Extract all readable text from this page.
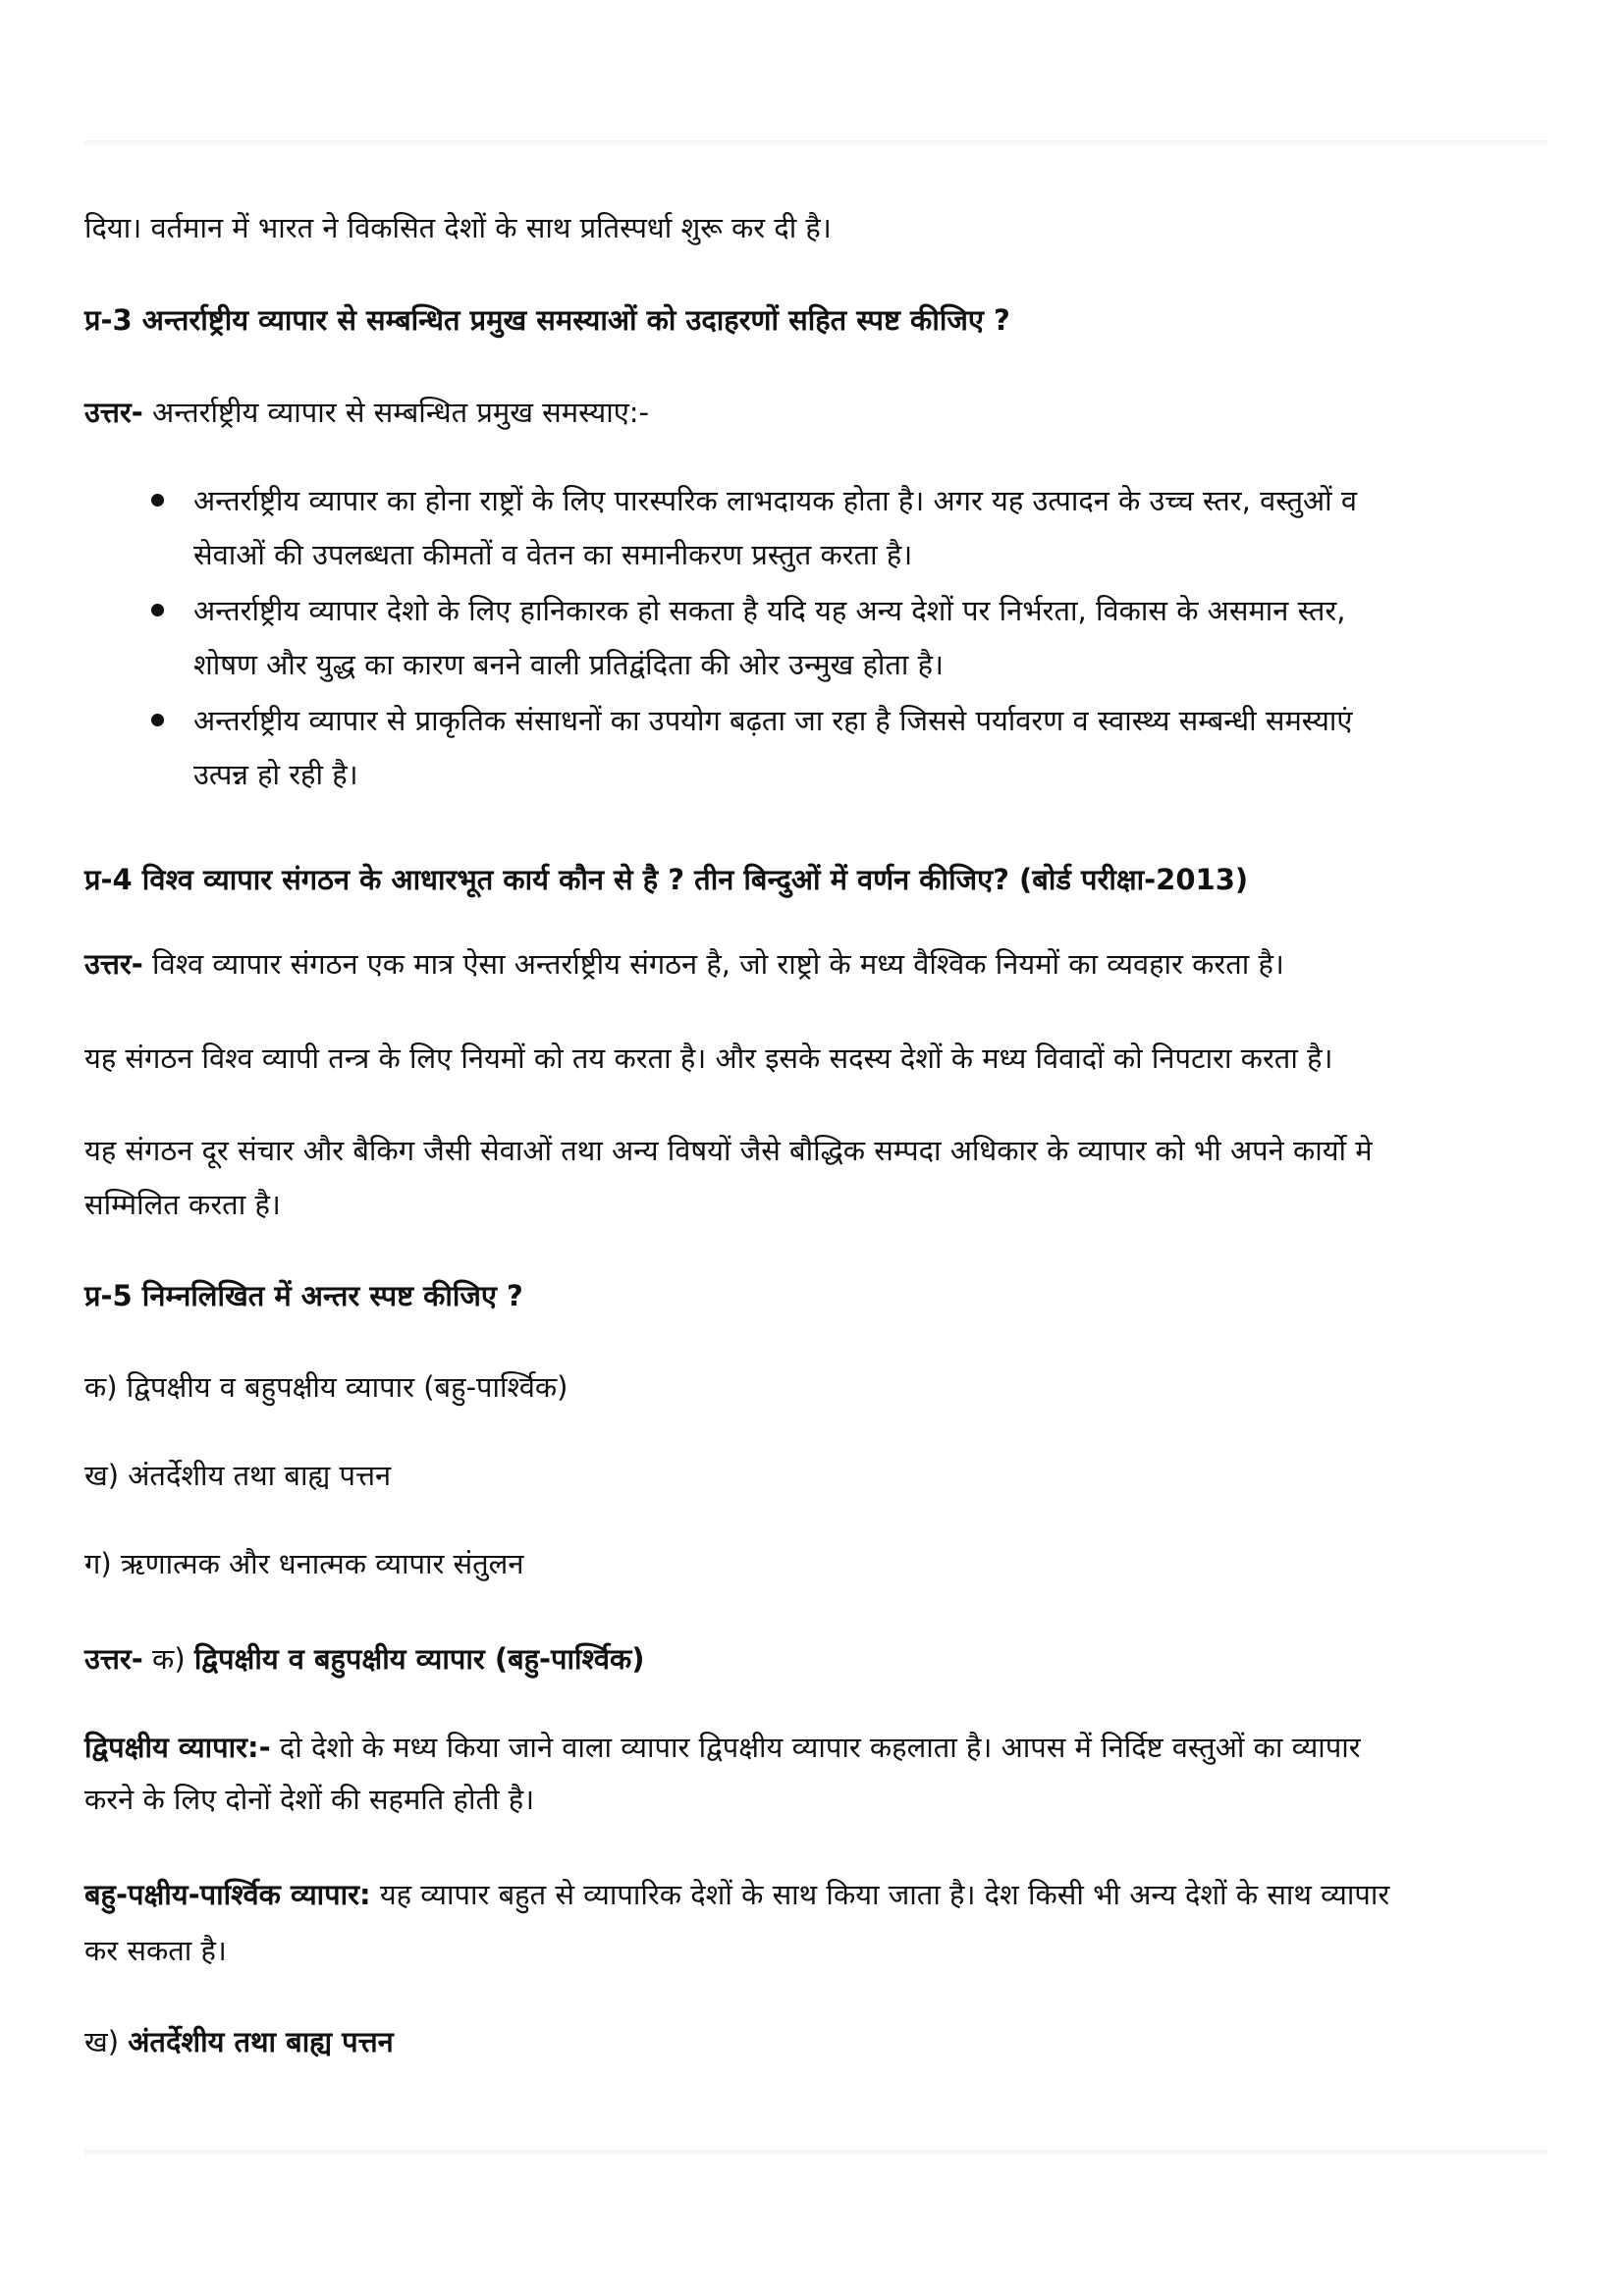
दिया। वर्तमान में भारत ने विकसित देशों के साथ प्रतिस्पर्धा शुरू कर दी है।
प्र-3 अन्तर्राष्ट्रीय व्यापार से सम्बन्धित प्रमुख समस्याओं को उदाहरणों सहित स्पष्ट कीजिए ?
उत्तर- अन्तर्राष्ट्रीय व्यापार से सम्बन्धित प्रमुख समस्याए:-
अन्तर्राष्ट्रीय व्यापार का होना राष्ट्रों के लिए पारस्परिक लाभदायक होता है। अगर यह उत्पादन के उच्च स्तर, वस्तुओं व
सेवाओं की उपलब्धता कीमतों व वेतन का समानीकरण प्रस्तुत करता है।
अन्तर्राष्ट्रीय व्यापार देशो के लिए हानिकारक हो सकता है यदि यह अन्य देशों पर निर्भरता, विकास के असमान स्तर,
शोषण और युद्ध का कारण बनने वाली प्रतिद्वंदिता की ओर उन्मुख होता है।
अन्तर्राष्ट्रीय व्यापार से प्राकृतिक संसाधनों का उपयोग बढ़ता जा रहा है जिससे पर्यावरण व स्वास्थ्य सम्बन्धी समस्याएं
उत्पन्न हो रही है।
प्र-4 विश्व व्यापार संगठन के आधारभूत कार्य कौन से है ? तीन बिन्दुओं में वर्णन कीजिए? (बोर्ड परीक्षा-2013)
उत्तर- विश्व व्यापार संगठन एक मात्र ऐसा अन्तर्राष्ट्रीय संगठन है, जो राष्ट्रो के मध्य वैश्विक नियमों का व्यवहार करता है।
यह संगठन विश्व व्यापी तन्त्र के लिए नियमों को तय करता है। और इसके सदस्य देशों के मध्य विवादों को निपटारा करता है।
यह संगठन दूर संचार और बैकिग जैसी सेवाओं तथा अन्य विषयों जैसे बौद्धिक सम्पदा अधिकार के व्यापार को भी अपने कार्यो मे
सम्मिलित करता है।
प्र-5 निम्नलिखित में अन्तर स्पष्ट कीजिए ?
क) द्विपक्षीय व बहुपक्षीय व्यापार (बहु-पार्श्विक)
ख) अंतर्देशीय तथा बाह्य पत्तन
ग) ऋणात्मक और धनात्मक व्यापार संतुलन
उत्तर- क) द्विपक्षीय व बहुपक्षीय व्यापार (बहु-पार्श्विक)
द्विपक्षीय व्यापार:- दो देशो के मध्य किया जाने वाला व्यापार द्विपक्षीय व्यापार कहलाता है। आपस में निर्दिष्ट वस्तुओं का व्यापार
करने के लिए दोनों देशों की सहमति होती है।
बहु-पक्षीय-पार्श्विक व्यापार: यह व्यापार बहुत से व्यापारिक देशों के साथ किया जाता है। देश किसी भी अन्य देशों के साथ व्यापार
कर सकता है।
ख) अंतर्देशीय तथा बाह्य पत्तन
